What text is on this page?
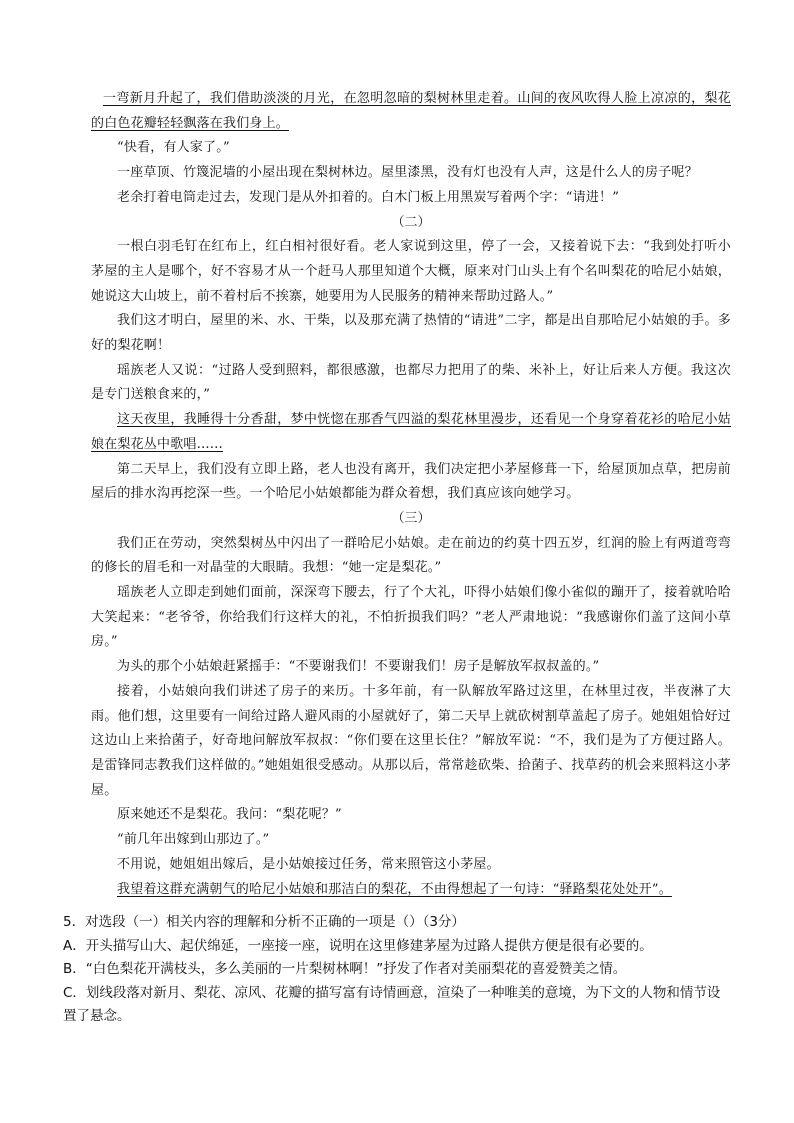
一弯新月升起了，我们借助淡淡的月光，在忽明忽暗的梨树林里走着。山间的夜风吹得人脸上凉凉的，梨花的白色花瓣轻轻飘落在我们身上。

“快看，有人家了。”

一座草顶、竹篾泥墙的小屋出现在梨树林边。屋里漆黑，没有灯也没有人声，这是什么人的房子呢？

老余打着电筒走过去，发现门是从外扣着的。白木门板上用黑炭写着两个字：“请进！”

（二）

一根白羽毛钉在红布上，红白相衬很好看。老人家说到这里，停了一会，又接着说下去：“我到处打听小茅屋的主人是哪个，好不容易才从一个赶马人那里知道个大概，原来对门山头上有个名叫梨花的哈尼小姑娘，她说这大山坡上，前不着村后不挨寨，她要用为人民服务的精神来帮助过路人。”

我们这才明白，屋里的米、水、干柴，以及那充满了热情的“请进”二字，都是出自那哈尼小姑娘的手。多好的梨花啊！

瑶族老人又说：“过路人受到照料，都很感激，也都尽力把用了的柴、米补上，好让后来人方便。我这次是专门送粮食来的，”

这天夜里，我睡得十分香甜，梦中恍惚在那香气四溢的梨花林里漫步，还看见一个身穿着花衫的哈尼小姑娘在梨花丛中歌唱……

第二天早上，我们没有立即上路，老人也没有离开，我们决定把小茅屋修葺一下，给屋顶加点草，把房前屋后的排水沟再挖深一些。一个哈尼小姑娘都能为群众着想，我们真应该向她学习。

（三）

我们正在劳动，突然梨树丛中闪出了一群哈尼小姑娘。走在前边的约莫十四五岁，红润的脸上有两道弯弯的修长的眉毛和一对晶莹的大眼睛。我想：“她一定是梨花。”

瑶族老人立即走到她们面前，深深弯下腰去，行了个大礼，吓得小姑娘们像小雀似的蹦开了，接着就哈哈大笑起来：“老爷爷，你给我们行这样大的礼，不怕折损我们吗？”老人严肃地说：“我感谢你们盖了这间小草房。”

为头的那个小姑娘赶紧摇手：“不要谢我们！不要谢我们！房子是解放军叔叔盖的。”

接着，小姑娘向我们讲述了房子的来历。十多年前，有一队解放军路过这里，在林里过夜，半夜淋了大雨。他们想，这里要有一间给过路人避风雨的小屋就好了，第二天早上就砍树割草盖起了房子。她姐姐恰好过这边山上来拾菌子，好奇地问解放军叔叔：“你们要在这里长住？”解放军说：“不，我们是为了方便过路人。是雷锋同志教我们这样做的。”她姐姐很受感动。从那以后，常常趁砍柴、拾菌子、找草药的机会来照料这小茅屋。

原来她还不是梨花。我问：“梨花呢？”

“前几年出嫁到山那边了。”

不用说，她姐姐出嫁后，是小姑娘接过任务，常来照管这小茅屋。

我望着这群充满朝气的哈尼小姑娘和那洁白的梨花，不由得想起了一句诗：“驿路梨花处处开”。

5．对选段（一）相关内容的理解和分析不正确的一项是（）（3分）

A．开头描写山大、起伏绵延，一座接一座，说明在这里修建茅屋为过路人提供方便是很有必要的。

B．“白色梨花开满枝头，多么美丽的一片梨树林啊！”抒发了作者对美丽梨花的喜爱赞美之情。

C．划线段落对新月、梨花、凉风、花瓣的描写富有诗情画意，渲染了一种唯美的意境，为下文的人物和情节设置了悬念。
